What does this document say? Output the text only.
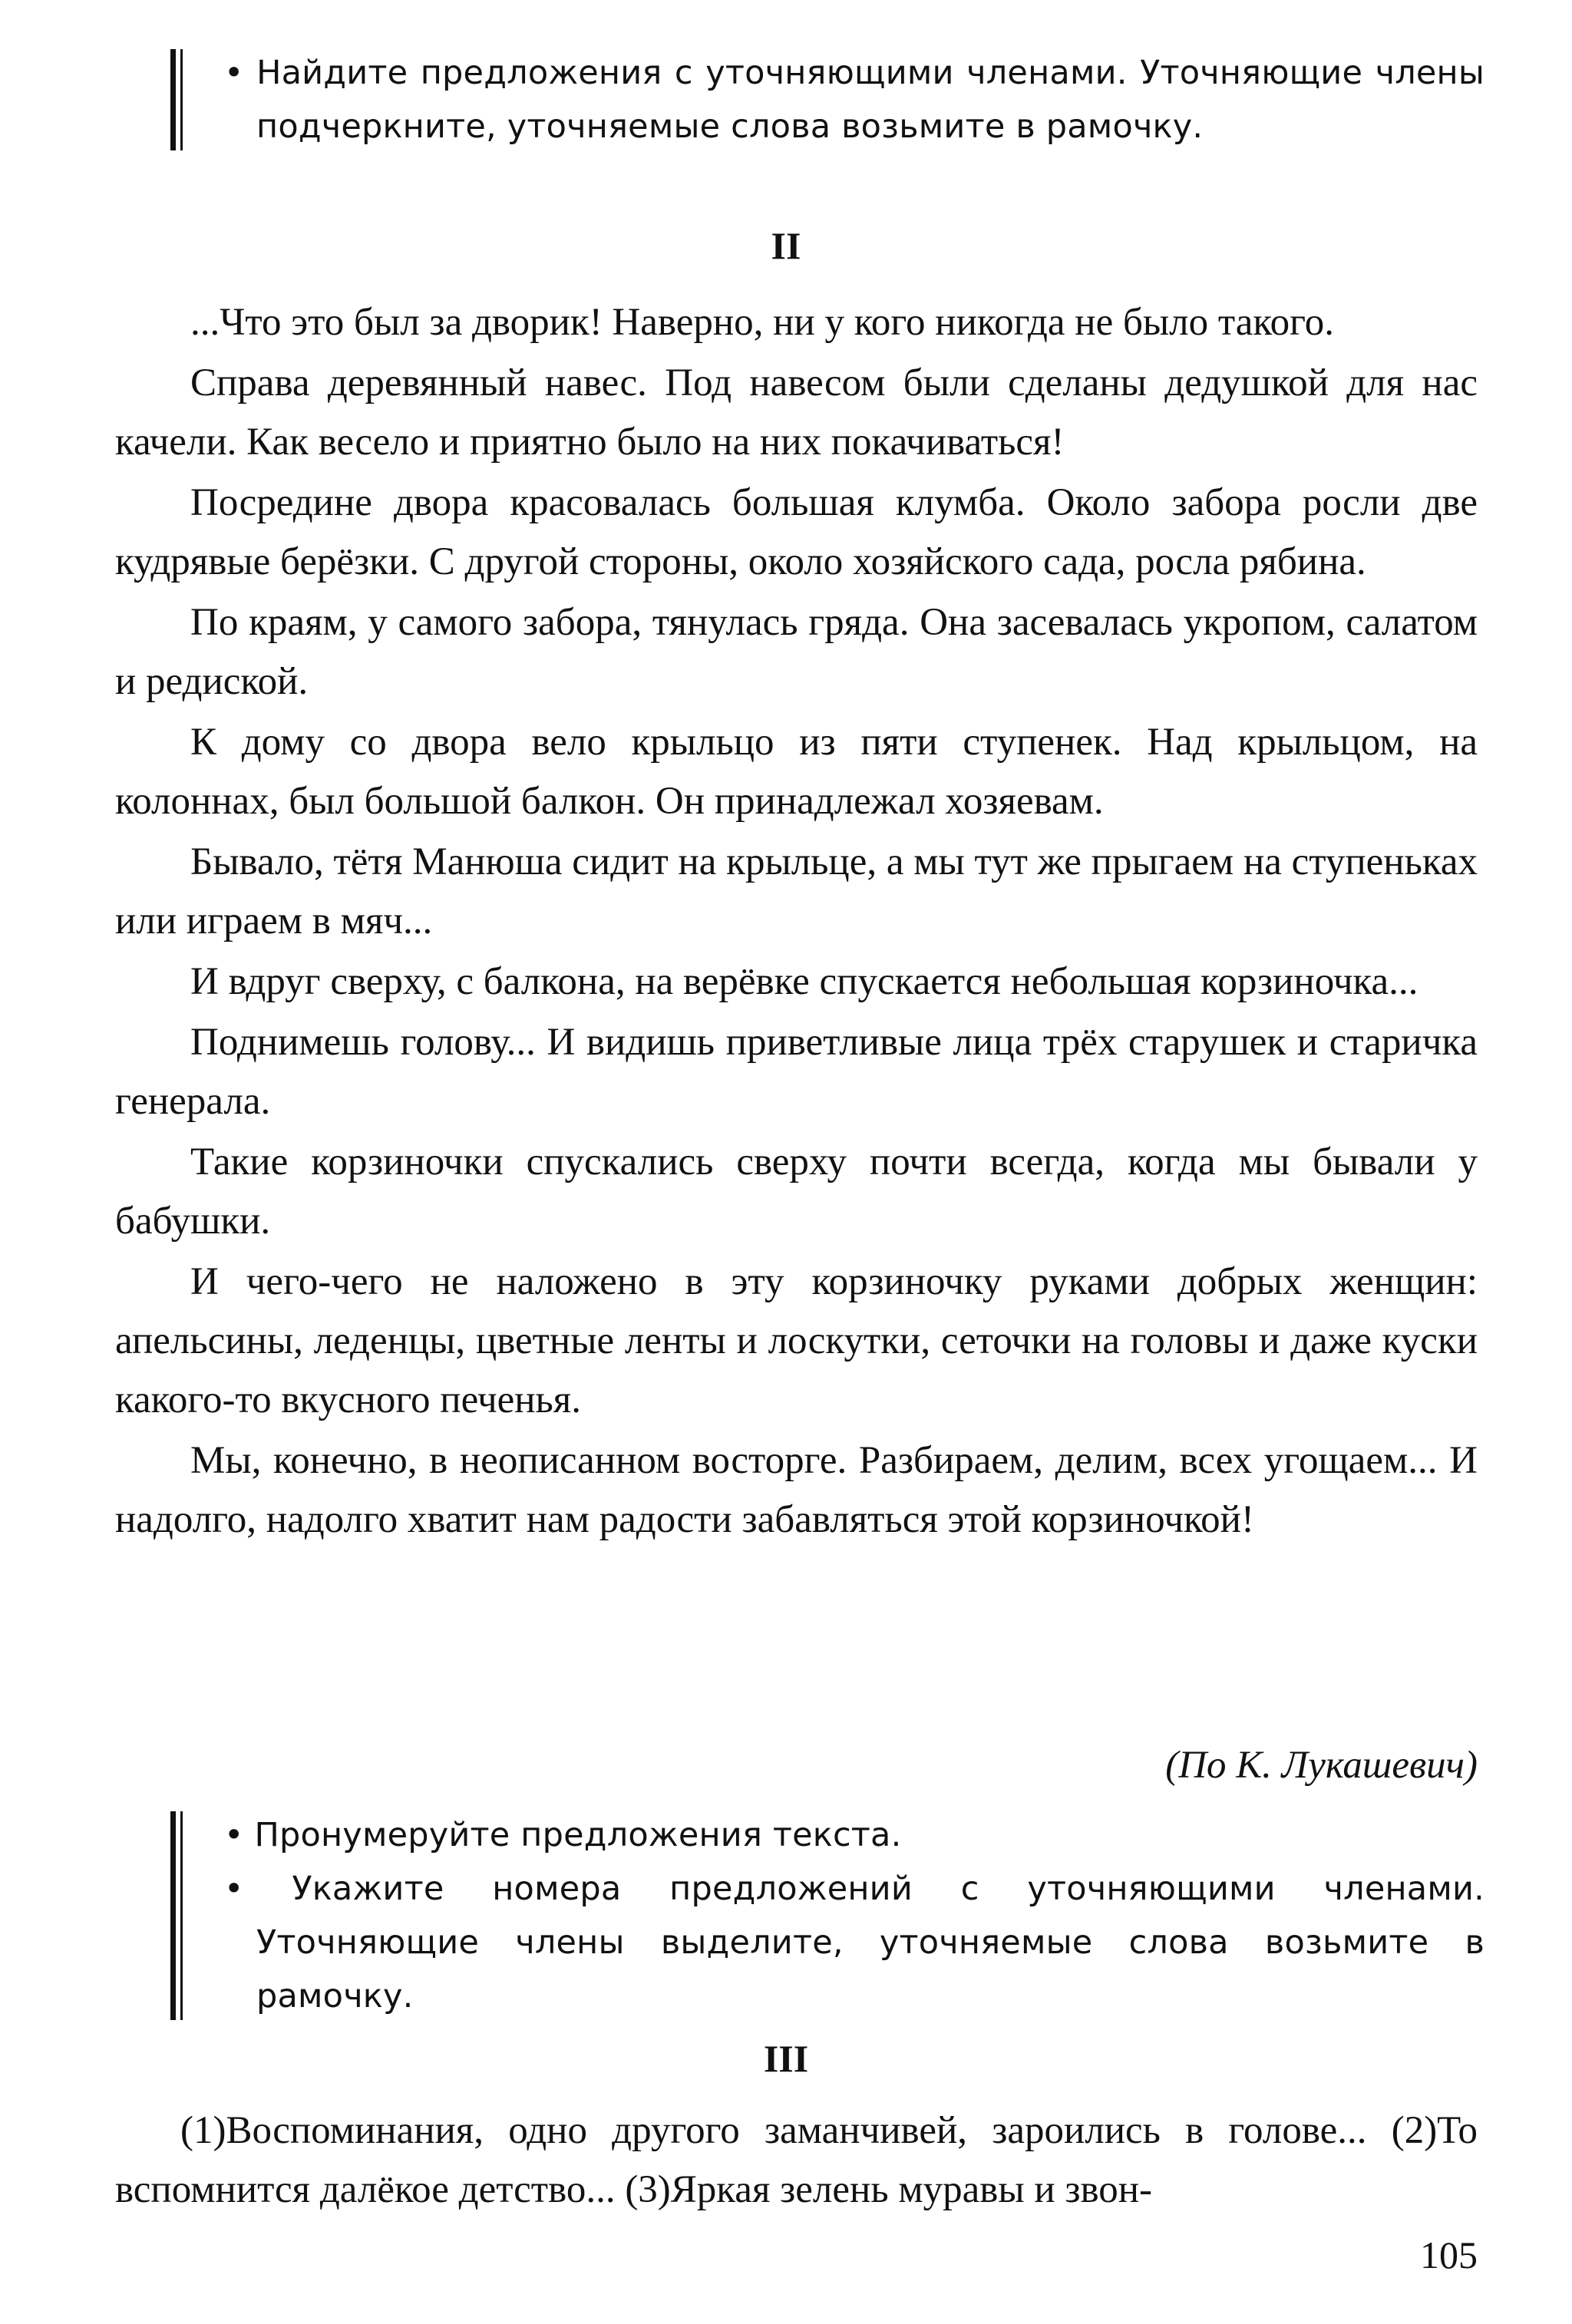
• Найдите предложения с уточняющими членами. Уточняющие члены подчеркните, уточняемые слова возьмите в рамочку.

II

...Что это был за дворик! Наверно, ни у кого никогда не было такого.

Справа деревянный навес. Под навесом были сделаны дедушкой для нас качели. Как весело и приятно было на них покачиваться!

Посредине двора красовалась большая клумба. Около забора росли две кудрявые берёзки. С другой стороны, около хозяйского сада, росла рябина.

По краям, у самого забора, тянулась гряда. Она засевалась укропом, салатом и редиской.

К дому со двора вело крыльцо из пяти ступенек. Над крыльцом, на колоннах, был большой балкон. Он принадлежал хозяевам.

Бывало, тётя Манюша сидит на крыльце, а мы тут же прыгаем на ступеньках или играем в мяч...

И вдруг сверху, с балкона, на верёвке спускается небольшая корзиночка...

Поднимешь голову... И видишь приветливые лица трёх старушек и старичка генерала.

Такие корзиночки спускались сверху почти всегда, когда мы бывали у бабушки.

И чего-чего не наложено в эту корзиночку руками добрых женщин: апельсины, леденцы, цветные ленты и лоскутки, сеточки на головы и даже куски какого-то вкусного печенья.

Мы, конечно, в неописанном восторге. Разбираем, делим, всех угощаем... И надолго, надолго хватит нам радости забавляться этой корзиночкой!

(По К. Лукашевич)

• Пронумеруйте предложения текста.

• Укажите номера предложений с уточняющими членами. Уточняющие члены выделите, уточняемые слова возьмите в рамочку.

III

(1)Воспоминания, одно другого заманчивей, зароились в голове... (2)То вспомнится далёкое детство... (3)Яркая зелень муравы и звон-

105
